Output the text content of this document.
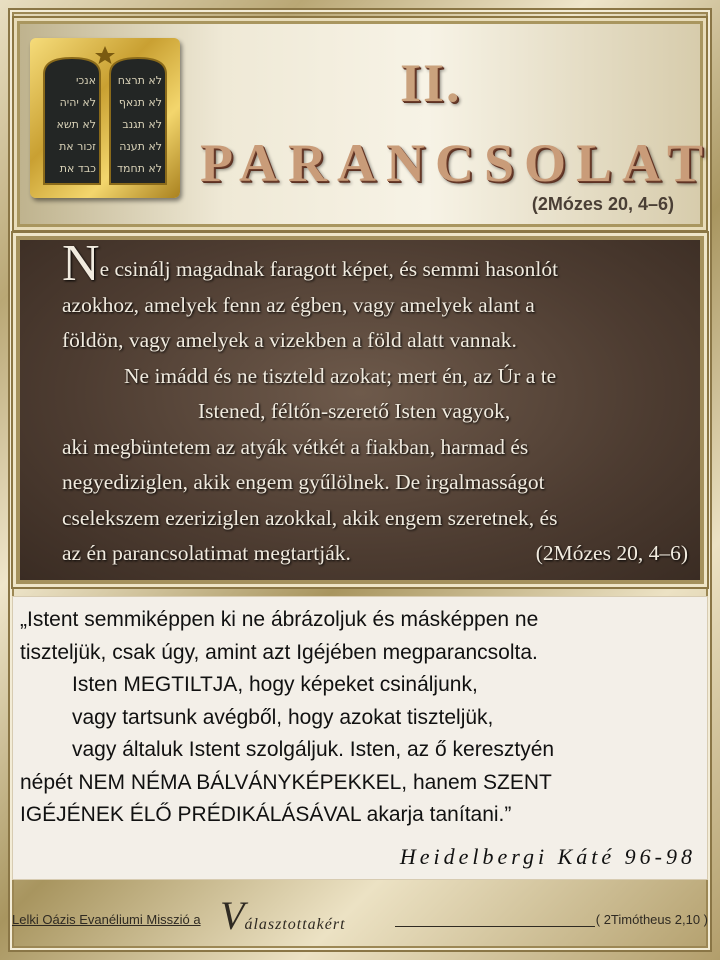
אנכי
לא יהיה
לא תשא
זכור את
כבד את
לא תרצח
לא תנאף
לא תגנב
לא תענה
לא תחמד
II.
PARANCSOLAT
(2Mózes 20, 4–6)
Ne csinálj magadnak faragott képet, és semmi hasonlót
azokhoz, amelyek fenn az égben, vagy amelyek alant a
földön, vagy amelyek a vizekben a föld alatt vannak.
Ne imádd és ne tiszteld azokat; mert én, az Úr a te
Istened, féltőn-szerető Isten vagyok,
aki megbüntetem az atyák vétkét a fiakban, harmad és
negyediziglen, akik engem gyűlölnek. De irgalmasságot
cselekszem ezeriziglen azokkal, akik engem szeretnek, és
az én parancsolatimat megtartják.	(2Mózes 20, 4–6)
„Istent semmiképpen ki ne ábrázoljuk és másképpen ne
tiszteljük, csak úgy, amint azt Igéjében megparancsolta.
Isten MEGTILTJA, hogy képeket csináljunk,
vagy tartsunk avégből, hogy azokat tiszteljük,
vagy általuk Istent szolgáljuk. Isten, az ő keresztyén
népét NEM NÉMA BÁLVÁNYKÉPEKKEL, hanem SZENT
IGÉJÉNEK ÉLŐ PRÉDIKÁLÁSÁVAL akarja tanítani.”
Heidelbergi Káté 96-98
Lelki Oázis Evanéliumi Misszió a Választottakért	( 2Timótheus 2,10 )
